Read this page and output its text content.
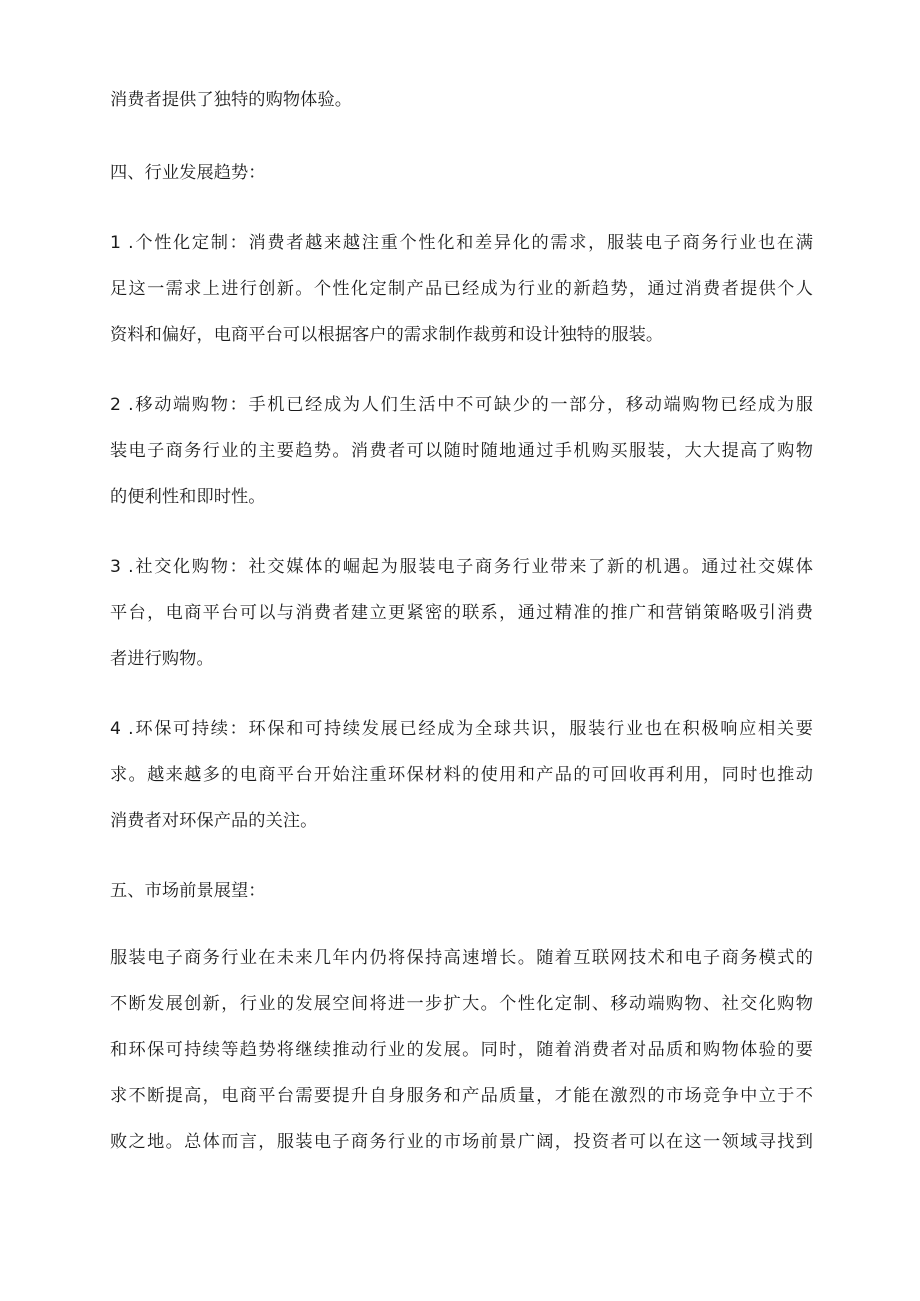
消费者提供了独特的购物体验。
四、行业发展趋势：
1 .个性化定制：消费者越来越注重个性化和差异化的需求，服装电子商务行业也在满
足这一需求上进行创新。个性化定制产品已经成为行业的新趋势，通过消费者提供个人
资料和偏好，电商平台可以根据客户的需求制作裁剪和设计独特的服装。
2 .移动端购物：手机已经成为人们生活中不可缺少的一部分，移动端购物已经成为服
装电子商务行业的主要趋势。消费者可以随时随地通过手机购买服装，大大提高了购物
的便利性和即时性。
3 .社交化购物：社交媒体的崛起为服装电子商务行业带来了新的机遇。通过社交媒体
平台，电商平台可以与消费者建立更紧密的联系，通过精准的推广和营销策略吸引消费
者进行购物。
4 .环保可持续：环保和可持续发展已经成为全球共识，服装行业也在积极响应相关要
求。越来越多的电商平台开始注重环保材料的使用和产品的可回收再利用，同时也推动
消费者对环保产品的关注。
五、市场前景展望：
服装电子商务行业在未来几年内仍将保持高速增长。随着互联网技术和电子商务模式的
不断发展创新，行业的发展空间将进一步扩大。个性化定制、移动端购物、社交化购物
和环保可持续等趋势将继续推动行业的发展。同时，随着消费者对品质和购物体验的要
求不断提高，电商平台需要提升自身服务和产品质量，才能在激烈的市场竞争中立于不
败之地。总体而言，服装电子商务行业的市场前景广阔，投资者可以在这一领域寻找到
